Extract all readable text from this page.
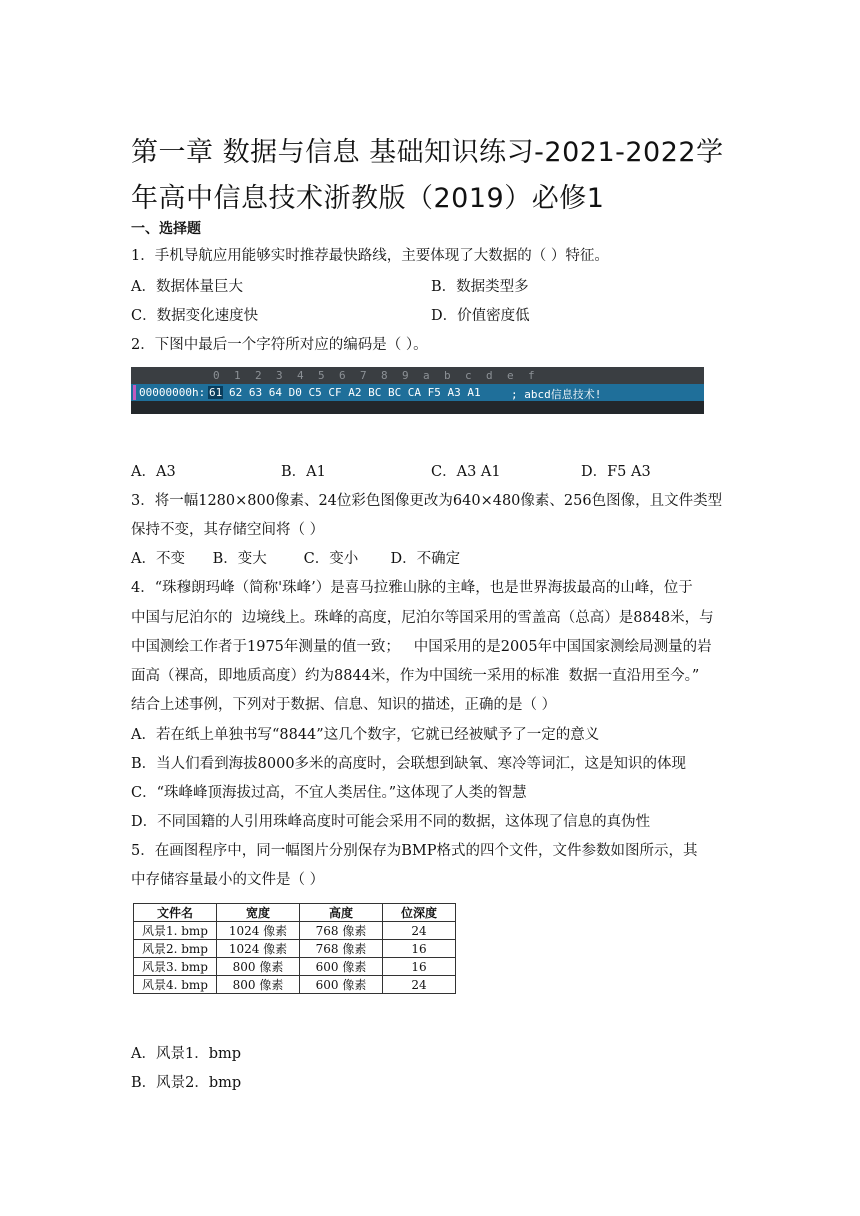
第一章 数据与信息 基础知识练习-2021-2022学年高中信息技术浙教版（2019）必修1
一、选择题
1．手机导航应用能够实时推荐最快路线，主要体现了大数据的（ ）特征。
A．数据体量巨大	B．数据类型多
C．数据变化速度快	D．价值密度低
2．下图中最后一个字符所对应的编码是（ ）。
0 1 2 3 4 5 6 7 8 9 a b c d e f
00000000h: 61 62 63 64 D0 C5 CF A2 BC BC CA F5 A3 A1	; abcd信息技术!
A．A3	B．A1	C．A3 A1	D．F5 A3
3．将一幅1280×800像素、24位彩色图像更改为640×480像素、256色图像，且文件类型
保持不变，其存储空间将（ ）
A．不变      B．变大        C．变小       D．不确定
4．“珠穆朗玛峰（简称'珠峰’）是喜马拉雅山脉的主峰，也是世界海拔最高的山峰，位于
中国与尼泊尔的  边境线上。珠峰的高度，尼泊尔等国采用的雪盖高（总高）是8848米，与
中国测绘工作者于1975年测量的值一致；   中国采用的是2005年中国国家测绘局测量的岩
面高（裸高，即地质高度）约为8844米，作为中国统一采用的标准  数据一直沿用至今。”
结合上述事例，下列对于数据、信息、知识的描述，正确的是（ ）
A．若在纸上单独书写“8844”这几个数字，它就已经被赋予了一定的意义
B．当人们看到海拔8000多米的高度时，会联想到缺氧、寒冷等词汇，这是知识的体现
C．“珠峰峰顶海拔过高，不宜人类居住。”这体现了人类的智慧
D．不同国籍的人引用珠峰高度时可能会采用不同的数据，这体现了信息的真伪性
5．在画图程序中，同一幅图片分别保存为BMP格式的四个文件，文件参数如图所示，其
中存储容量最小的文件是（ ）
文件名	宽度	高度	位深度
风景1. bmp	1024 像素	768 像素	24
风景2. bmp	1024 像素	768 像素	16
风景3. bmp	800 像素	600 像素	16
风景4. bmp	800 像素	600 像素	24
A．风景1．bmp
B．风景2．bmp
